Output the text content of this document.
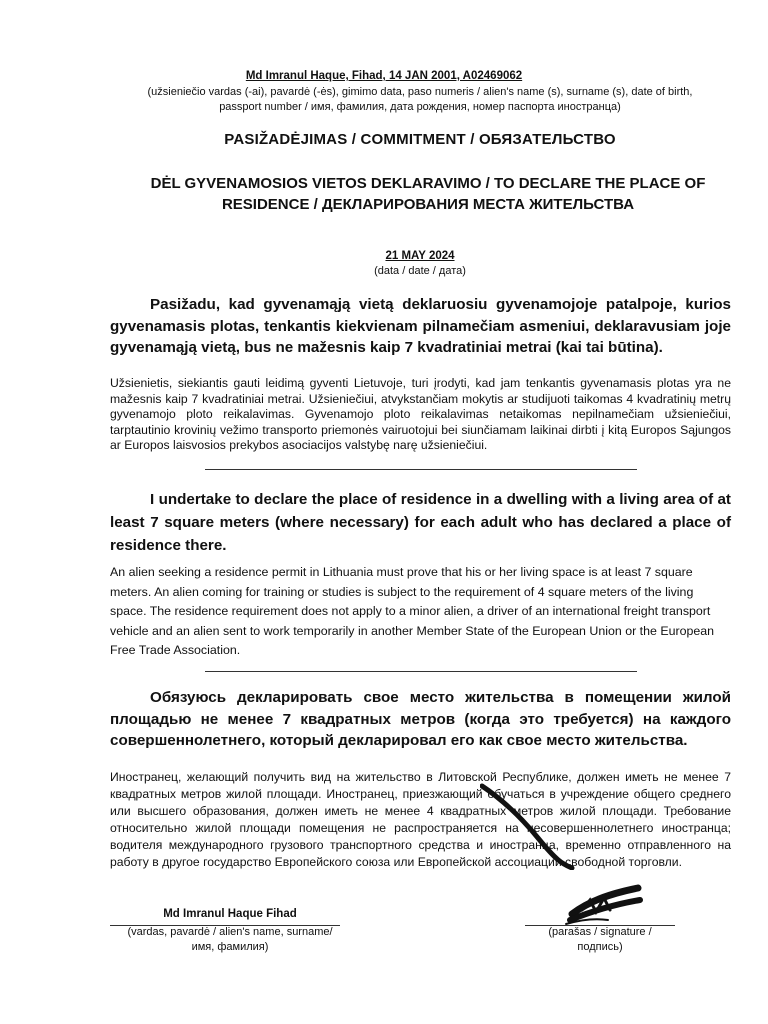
Md Imranul Haque, Fihad, 14 JAN 2001, A02469062
(užsieniečio vardas (-ai), pavardė (-ės), gimimo data, paso numeris / alien's name (s), surname (s), date of birth,
passport number / имя, фамилия, дата рождения, номер паспорта иностранца)
PASIŽADĖJIMAS / COMMITMENT / ОБЯЗАТЕЛЬСТВО
DĖL GYVENAMOSIOS VIETOS DEKLARAVIMO / TO DECLARE THE PLACE OF
RESIDENCE / ДЕКЛАРИРОВАНИЯ МЕСТА ЖИТЕЛЬСТВА
21 MAY 2024
(data / date / дата)
Pasižadu, kad gyvenamąją vietą deklaruosiu gyvenamojoje patalpoje, kurios gyvenamasis plotas, tenkantis kiekvienam pilnamečiam asmeniui, deklaravusiam joje gyvenamąją vietą, bus ne mažesnis kaip 7 kvadratiniai metrai (kai tai būtina).
Užsienietis, siekiantis gauti leidimą gyventi Lietuvoje, turi įrodyti, kad jam tenkantis gyvenamasis plotas yra ne mažesnis kaip 7 kvadratiniai metrai. Užsieniečiui, atvykstančiam mokytis ar studijuoti taikomas 4 kvadratinių metrų gyvenamojo ploto reikalavimas. Gyvenamojo ploto reikalavimas netaikomas nepilnamečiam užsieniečiui, tarptautinio krovinių vežimo transporto priemonės vairuotojui bei siunčiamam laikinai dirbti į kitą Europos Sąjungos ar Europos laisvosios prekybos asociacijos valstybę narę užsieniečiui.
I undertake to declare the place of residence in a dwelling with a living area of at least 7 square meters (where necessary) for each adult who has declared a place of residence there.
An alien seeking a residence permit in Lithuania must prove that his or her living space is at least 7 square meters. An alien coming for training or studies is subject to the requirement of 4 square meters of the living space. The residence requirement does not apply to a minor alien, a driver of an international freight transport vehicle and an alien sent to work temporarily in another Member State of the European Union or the European Free Trade Association.
Обязуюсь декларировать свое место жительства в помещении жилой площадью не менее 7 квадратных метров (когда это требуется) на каждого совершеннолетнего, который декларировал его как свое место жительства.
Иностранец, желающий получить вид на жительство в Литовской Республике, должен иметь не менее 7 квадратных метров жилой площади. Иностранец, приезжающий обучаться в учреждение общего среднего или высшего образования, должен иметь не менее 4 квадратных метров жилой площади. Требование относительно жилой площади помещения не распространяется на несовершеннолетнего иностранца; водителя международного грузового транспортного средства и иностранца, временно отправленного на работу в другое государство Европейского союза или Европейской ассоциации свободной торговли.
Md Imranul Haque Fihad
(vardas, pavardė / alien's name, surname/
имя, фамилия)
(parašas / signature /
подпись)
